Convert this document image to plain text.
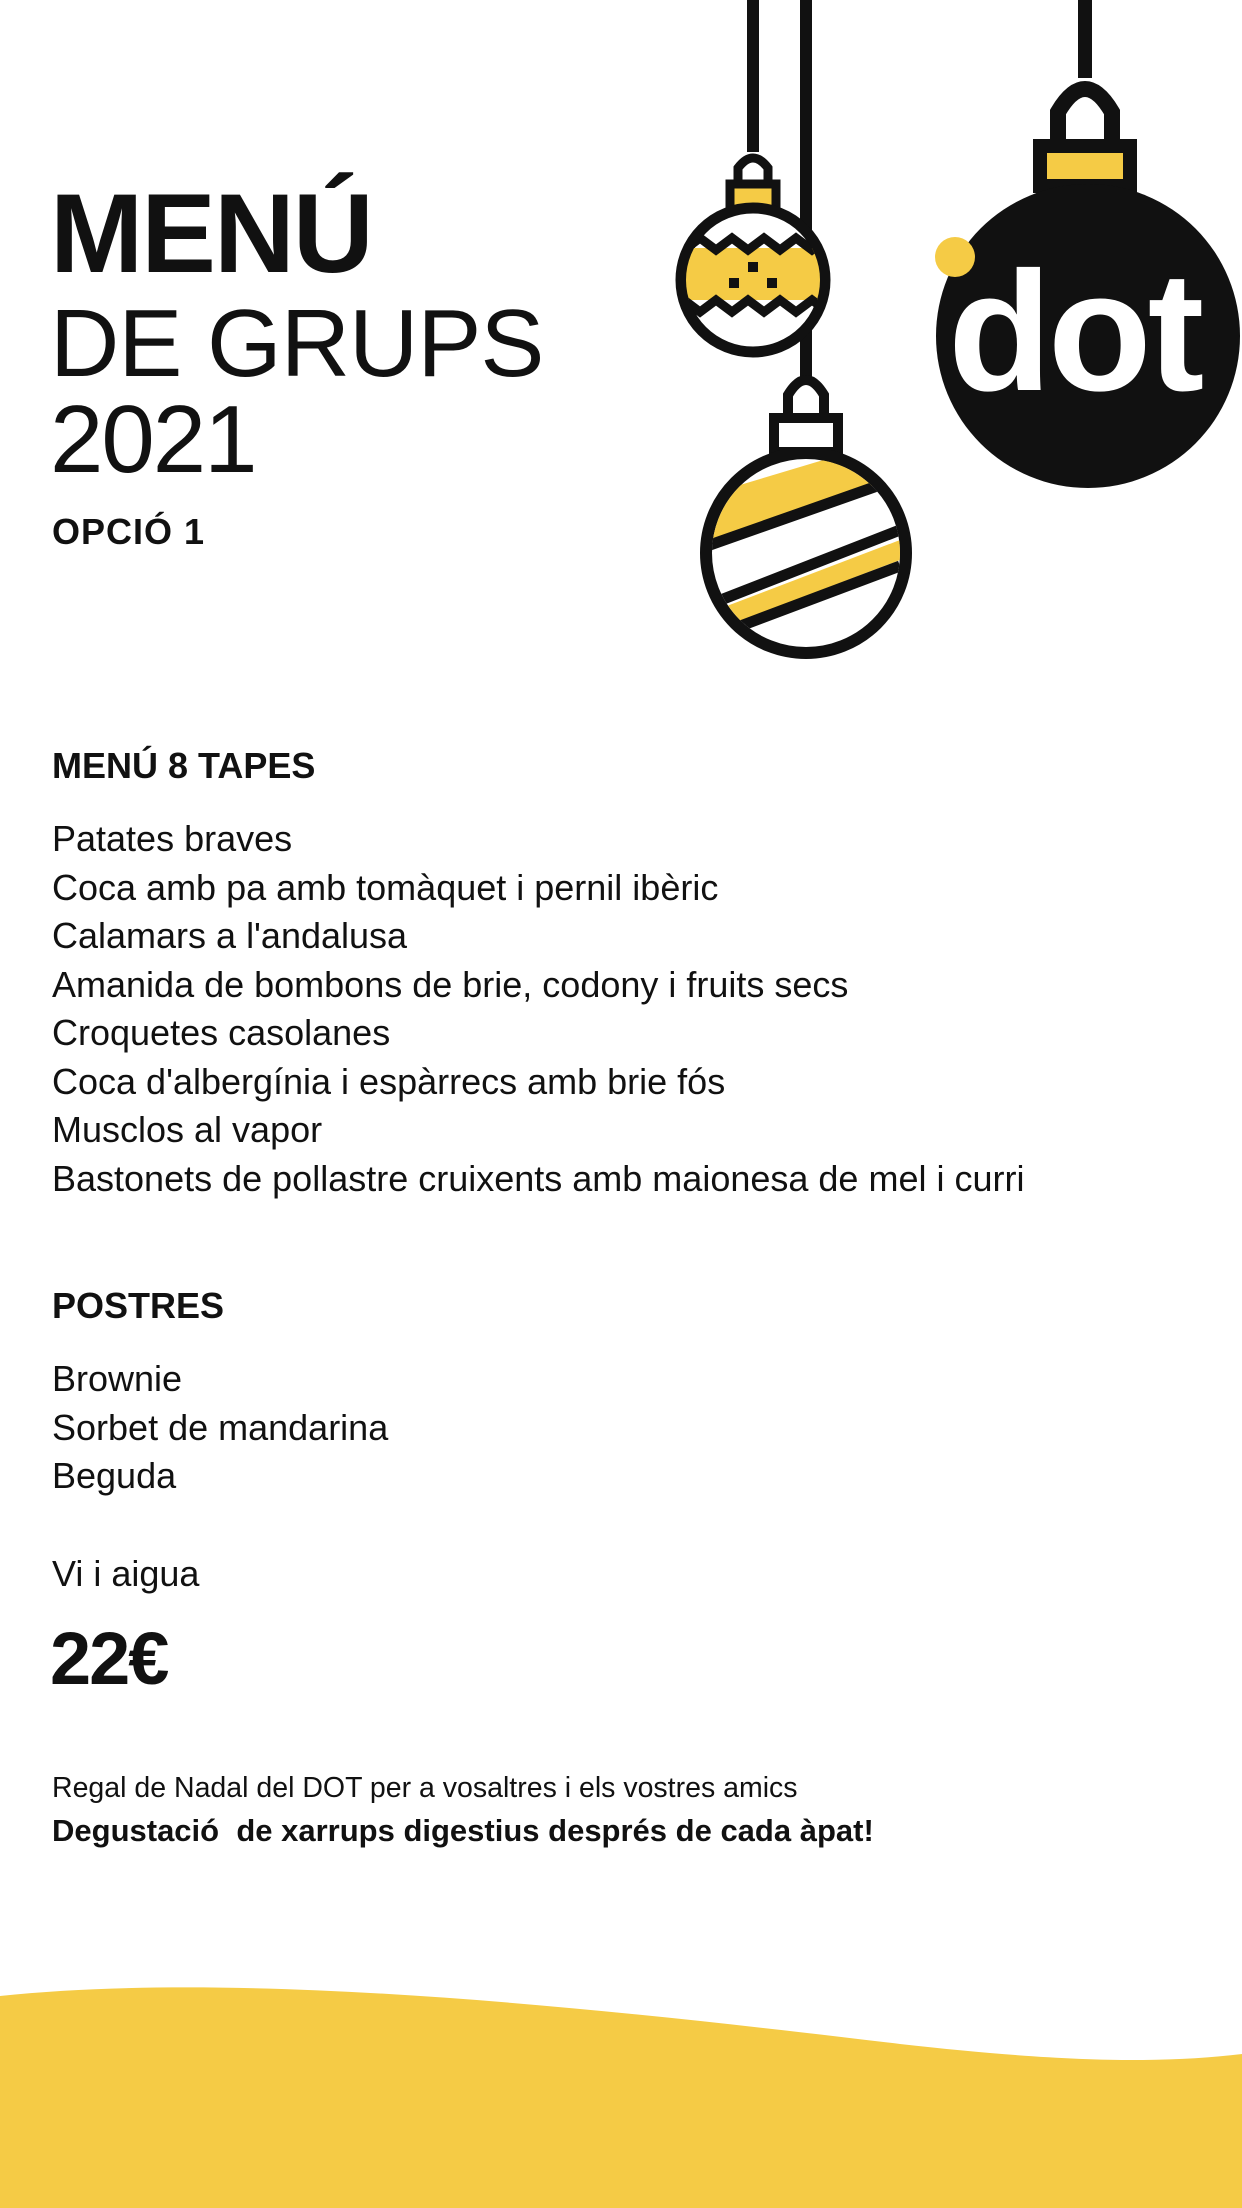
dot
MENÚ
DE GRUPS
2021
OPCIÓ 1
MENÚ 8 TAPES
Patates braves
Coca amb pa amb tomàquet i pernil ibèric
Calamars a l'andalusa
Amanida de bombons de brie, codony i fruits secs
Croquetes casolanes
Coca d'albergínia i espàrrecs amb brie fós
Musclos al vapor
Bastonets de pollastre cruixents amb maionesa de mel i curri
POSTRES
Brownie
Sorbet de mandarina
Beguda
Vi i aigua
22€
Regal de Nadal del DOT per a vosaltres i els vostres amics
Degustació  de xarrups digestius després de cada àpat!
